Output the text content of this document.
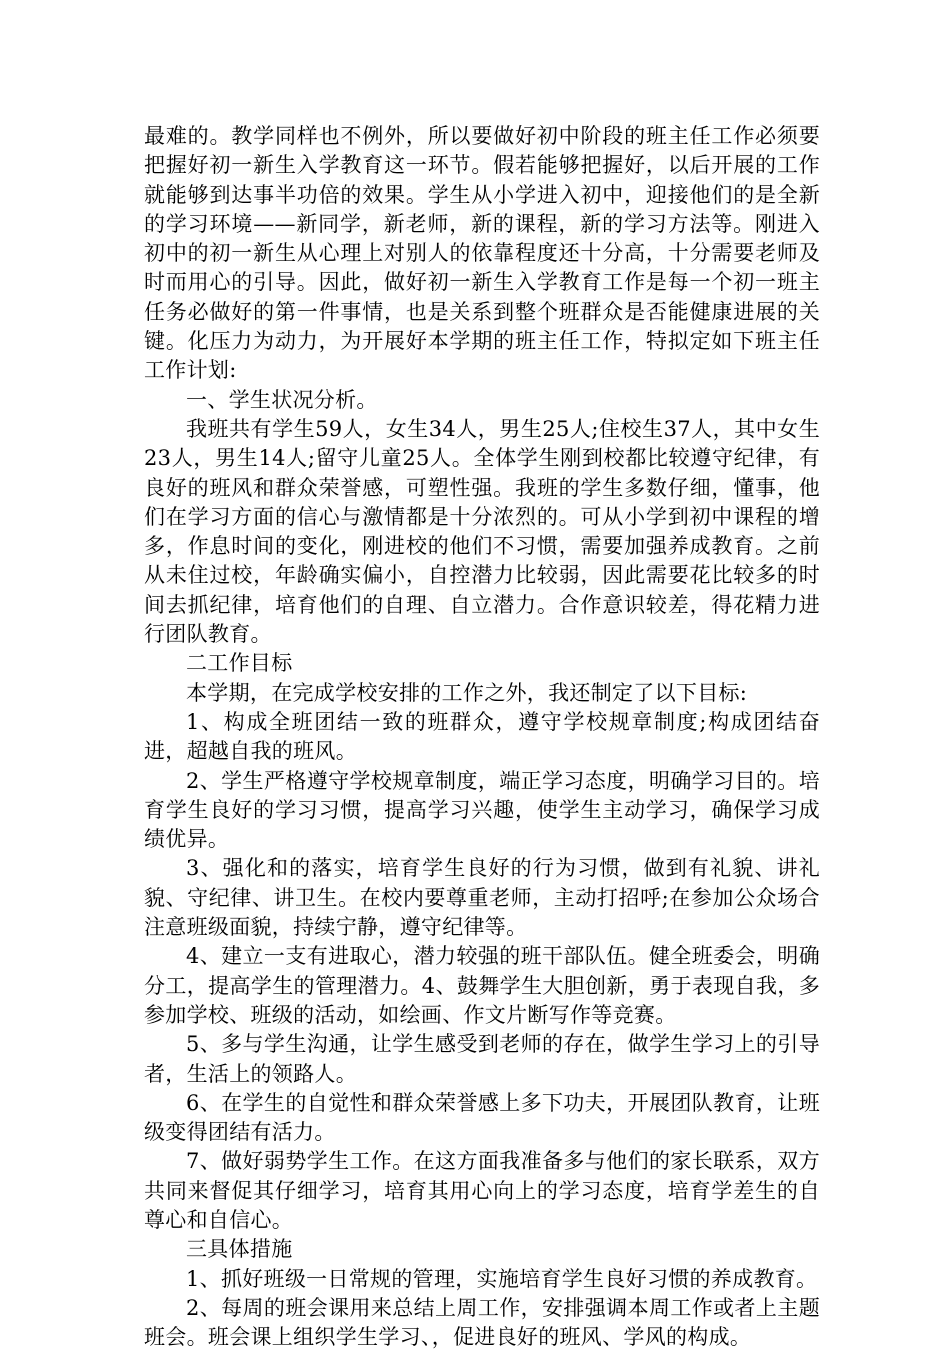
最难的。教学同样也不例外，所以要做好初中阶段的班主任工作必须要把握好初一新生入学教育这一环节。假若能够把握好，以后开展的工作就能够到达事半功倍的效果。学生从小学进入初中，迎接他们的是全新的学习环境——新同学，新老师，新的课程，新的学习方法等。刚进入初中的初一新生从心理上对别人的依靠程度还十分高，十分需要老师及时而用心的引导。因此，做好初一新生入学教育工作是每一个初一班主任务必做好的第一件事情，也是关系到整个班群众是否能健康进展的关键。化压力为动力，为开展好本学期的班主任工作，特拟定如下班主任工作计划:

一、学生状况分析。

我班共有学生59人，女生34人，男生25人;住校生37人，其中女生23人，男生14人;留守儿童25人。全体学生刚到校都比较遵守纪律，有良好的班风和群众荣誉感，可塑性强。我班的学生多数仔细，懂事，他们在学习方面的信心与激情都是十分浓烈的。可从小学到初中课程的增多，作息时间的变化，刚进校的他们不习惯，需要加强养成教育。之前从未住过校，年龄确实偏小，自控潜力比较弱，因此需要花比较多的时间去抓纪律，培育他们的自理、自立潜力。合作意识较差，得花精力进行团队教育。

二工作目标

本学期，在完成学校安排的工作之外，我还制定了以下目标:

1、构成全班团结一致的班群众，遵守学校规章制度;构成团结奋进，超越自我的班风。

2、学生严格遵守学校规章制度，端正学习态度，明确学习目的。培育学生良好的学习习惯，提高学习兴趣，使学生主动学习，确保学习成绩优异。

3、强化和的落实，培育学生良好的行为习惯，做到有礼貌、讲礼貌、守纪律、讲卫生。在校内要尊重老师，主动打招呼;在参加公众场合注意班级面貌，持续宁静，遵守纪律等。

4、建立一支有进取心，潜力较强的班干部队伍。健全班委会，明确分工，提高学生的管理潜力。4、鼓舞学生大胆创新，勇于表现自我，多参加学校、班级的活动，如绘画、作文片断写作等竞赛。

5、多与学生沟通，让学生感受到老师的存在，做学生学习上的引导者，生活上的领路人。

6、在学生的自觉性和群众荣誉感上多下功夫，开展团队教育，让班级变得团结有活力。

7、做好弱势学生工作。在这方面我准备多与他们的家长联系，双方共同来督促其仔细学习，培育其用心向上的学习态度，培育学差生的自尊心和自信心。

三具体措施

1、抓好班级一日常规的管理，实施培育学生良好习惯的养成教育。

2、每周的班会课用来总结上周工作，安排强调本周工作或者上主题班会。班会课上组织学生学习、，促进良好的班风、学风的构成。
